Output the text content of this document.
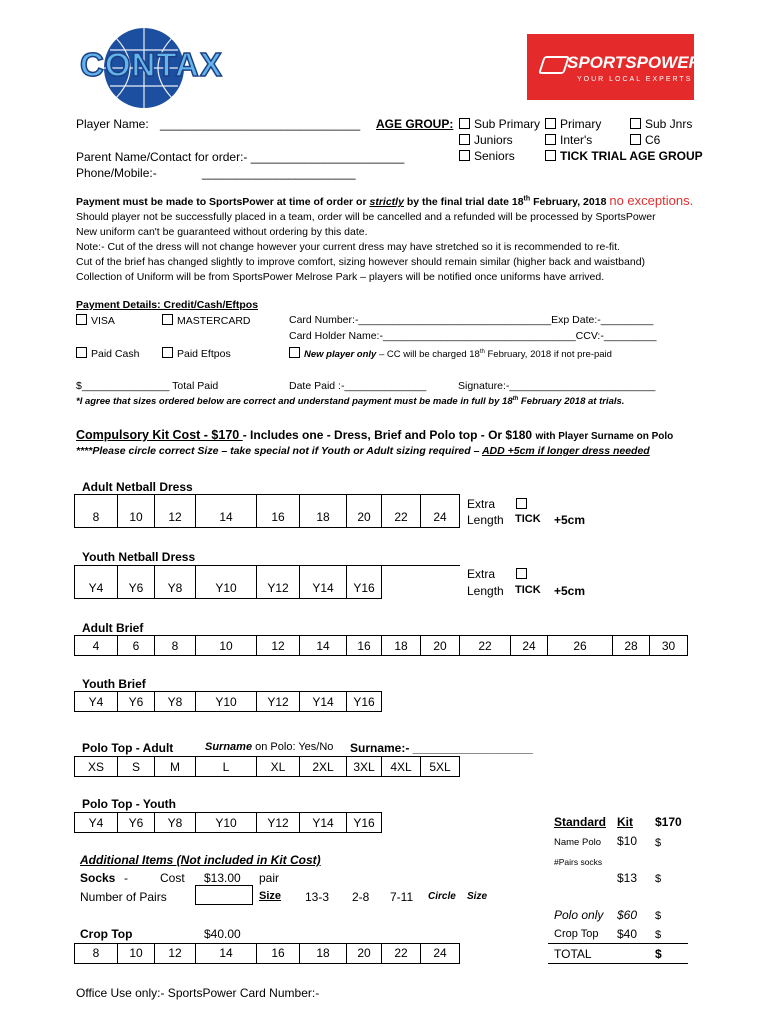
CONTAX	SPORTSPOWER
YOUR LOCAL EXPERTS
Player Name: ______________________________
Parent Name/Contact for order:- _______________________
Phone/Mobile:-	_______________________
AGE GROUP:	Sub Primary
Juniors
Seniors
Primary
Inter's
TICK TRIAL AGE GROUP
Sub Jnrs
C6
Payment must be made to SportsPower at time of order or strictly by the final trial date 18th February, 2018 no exceptions.
Should player not be successfully placed in a team, order will be cancelled and a refunded will be processed by SportsPower
New uniform can't be guaranteed without ordering by this date.
Note:- Cut of the dress will not change however your current dress may have stretched so it is recommended to re-fit.
Cut of the brief has changed slightly to improve comfort, sizing however should remain similar (higher back and waistband)
Collection of Uniform will be from SportsPower Melrose Park – players will be notified once uniforms have arrived.
Payment Details: Credit/Cash/Eftpos
VISA	MASTERCARD
Paid Cash	Paid Eftpos
Card Number:-_________________________________Exp Date:-_________
Card Holder Name:-_________________________________CCV:-_________
New player only – CC will be charged 18th February, 2018 if not pre-paid
$_______________ Total Paid	Date Paid :-______________	Signature:-_________________________
*I agree that sizes ordered below are correct and understand payment must be made in full by 18th February 2018 at trials.
Compulsory Kit Cost - $170 - Includes one - Dress, Brief and Polo top - Or $180 with Player Surname on Polo
****Please circle correct Size – take special not if Youth or Adult sizing required – ADD +5cm if longer dress needed
Adult Netball Dress
8	10	12	14	16	18	20	22	24
Extra
Length TICK +5cm
Youth Netball Dress
Y4	Y6	Y8	Y10	Y12	Y14	Y16
Extra
Length TICK +5cm
Adult Brief
4	6	8	10	12	14	16	18	20	22	24	26	28	30
Youth Brief
Y4	Y6	Y8	Y10	Y12	Y14	Y16
Polo Top - Adult	Surname on Polo: Yes/No Surname:- __________________
XS	S	M	L	XL	2XL	3XL	4XL	5XL
Polo Top - Youth
Y4	Y6	Y8	Y10	Y12	Y14	Y16
Additional Items (Not included in Kit Cost)
Socks -	Cost $13.00 pair
Number of Pairs	Size 13-3 2-8 7-11 Circle Size
Crop Top	$40.00
8	10	12	14	16	18	20	22	24
Standard Kit $170
Name Polo $10 $
#Pairs socks
$13 $
Polo only $60 $
Crop Top $40 $
TOTAL	$
Office Use only:- SportsPower Card Number:-
